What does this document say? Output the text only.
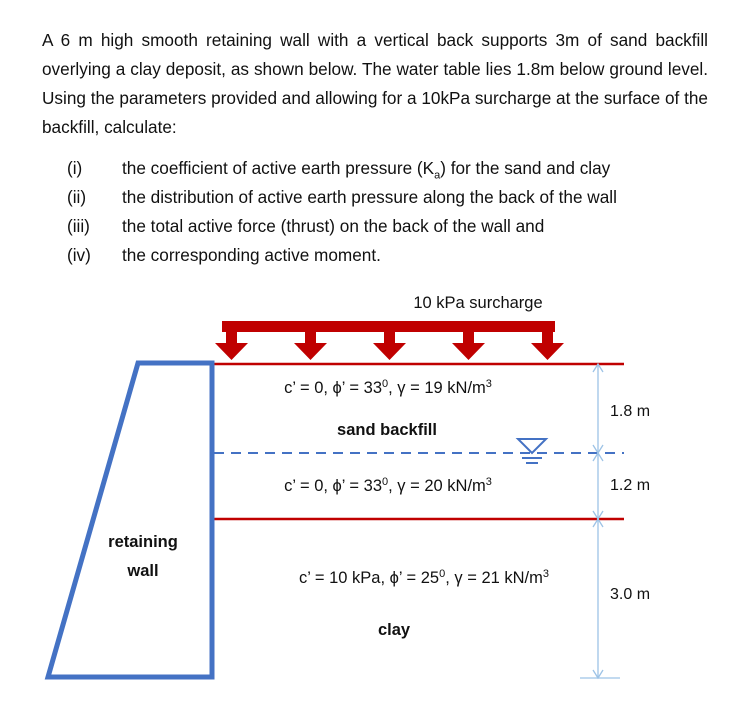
A 6 m high smooth retaining wall with a vertical back supports 3m of sand backfill overlying a clay deposit, as shown below. The water table lies 1.8m below ground level. Using the parameters provided and allowing for a 10kPa surcharge at the surface of the backfill, calculate:
(i) the coefficient of active earth pressure $(K_a)$ for the sand and clay
(ii) the distribution of active earth pressure along the back of the wall
(iii) the total active force (thrust) on the back of the wall and
(iv) the corresponding active moment.
10 kPa surcharge
retaining
wall
c’ = 0, ϕ’ = $33^0$, γ = 19 $kN/m^3$
sand backfill
c’ = 0, ϕ’ = $33^0$, γ = 20 $kN/m^3$
c’ = 10 kPa, ϕ’ = $25^0$, γ = 21 $kN/m^3$
clay
1.8 m
1.2 m
3.0 m
